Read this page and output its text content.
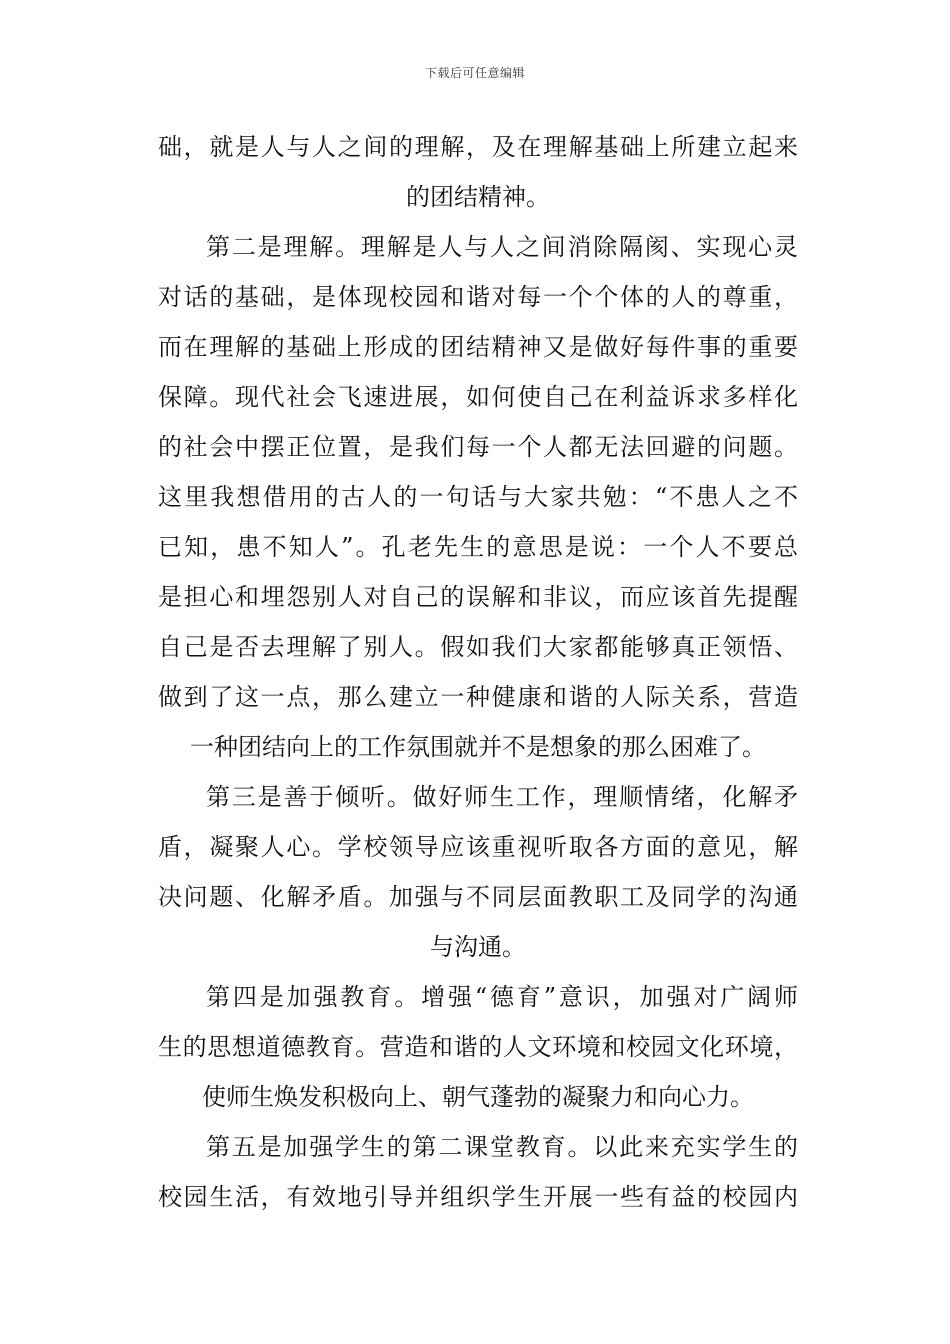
下载后可任意编辑
础，就是人与人之间的理解，及在理解基础上所建立起来
的团结精神。
第二是理解。理解是人与人之间消除隔阂、实现心灵
对话的基础，是体现校园和谐对每一个个体的人的尊重，
而在理解的基础上形成的团结精神又是做好每件事的重要
保障。现代社会飞速进展，如何使自己在利益诉求多样化
的社会中摆正位置，是我们每一个人都无法回避的问题。
这里我想借用的古人的一句话与大家共勉：“不患人之不
已知，患不知人”。孔老先生的意思是说：一个人不要总
是担心和埋怨别人对自己的误解和非议，而应该首先提醒
自己是否去理解了别人。假如我们大家都能够真正领悟、
做到了这一点，那么建立一种健康和谐的人际关系，营造
一种团结向上的工作氛围就并不是想象的那么困难了。
第三是善于倾听。做好师生工作，理顺情绪，化解矛
盾，凝聚人心。学校领导应该重视听取各方面的意见，解
决问题、化解矛盾。加强与不同层面教职工及同学的沟通
与沟通。
第四是加强教育。增强“德育”意识，加强对广阔师
生的思想道德教育。营造和谐的人文环境和校园文化环境，
使师生焕发积极向上、朝气蓬勃的凝聚力和向心力。
第五是加强学生的第二课堂教育。以此来充实学生的
校园生活，有效地引导并组织学生开展一些有益的校园内
